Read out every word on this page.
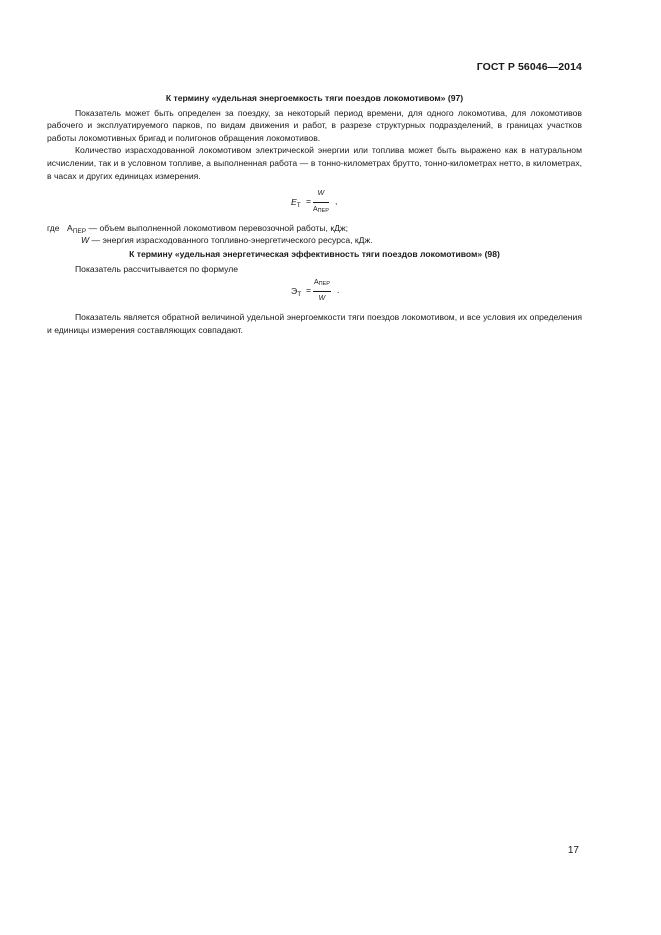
ГОСТ Р 56046—2014
К термину «удельная энергоемкость тяги поездов локомотивом» (97)

Показатель может быть определен за поездку, за некоторый период времени, для одного локомотива, для локомотивов рабочего и эксплуатируемого парков, по видам движения и работ, в разрезе структурных подразделений, в границах участков работы локомотивных бригад и полигонов обращения локомотивов.

Количество израсходованной локомотивом электрической энергии или топлива может быть выражено как в натуральном исчислении, так и в условном топливе, а выполненная работа — в тонно-километрах брутто, тонно-километрах нетто, в километрах, в часах и других единицах измерения.

$E_Т$ =
W
АПЕР
,
где $А_{ПЕР}$ — объем выполненной локомотивом перевозочной работы, кДж;
W — энергия израсходованного топливно-энергетического ресурса, кДж.
К термину «удельная энергетическая эффективность тяги поездов локомотивом» (98)

Показатель рассчитывается по формуле

$Э_Т$ =
АПЕР
W
.

Показатель является обратной величиной удельной энергоемкости тяги поездов локомотивом, и все условия их определения и единицы измерения составляющих совпадают.

17
